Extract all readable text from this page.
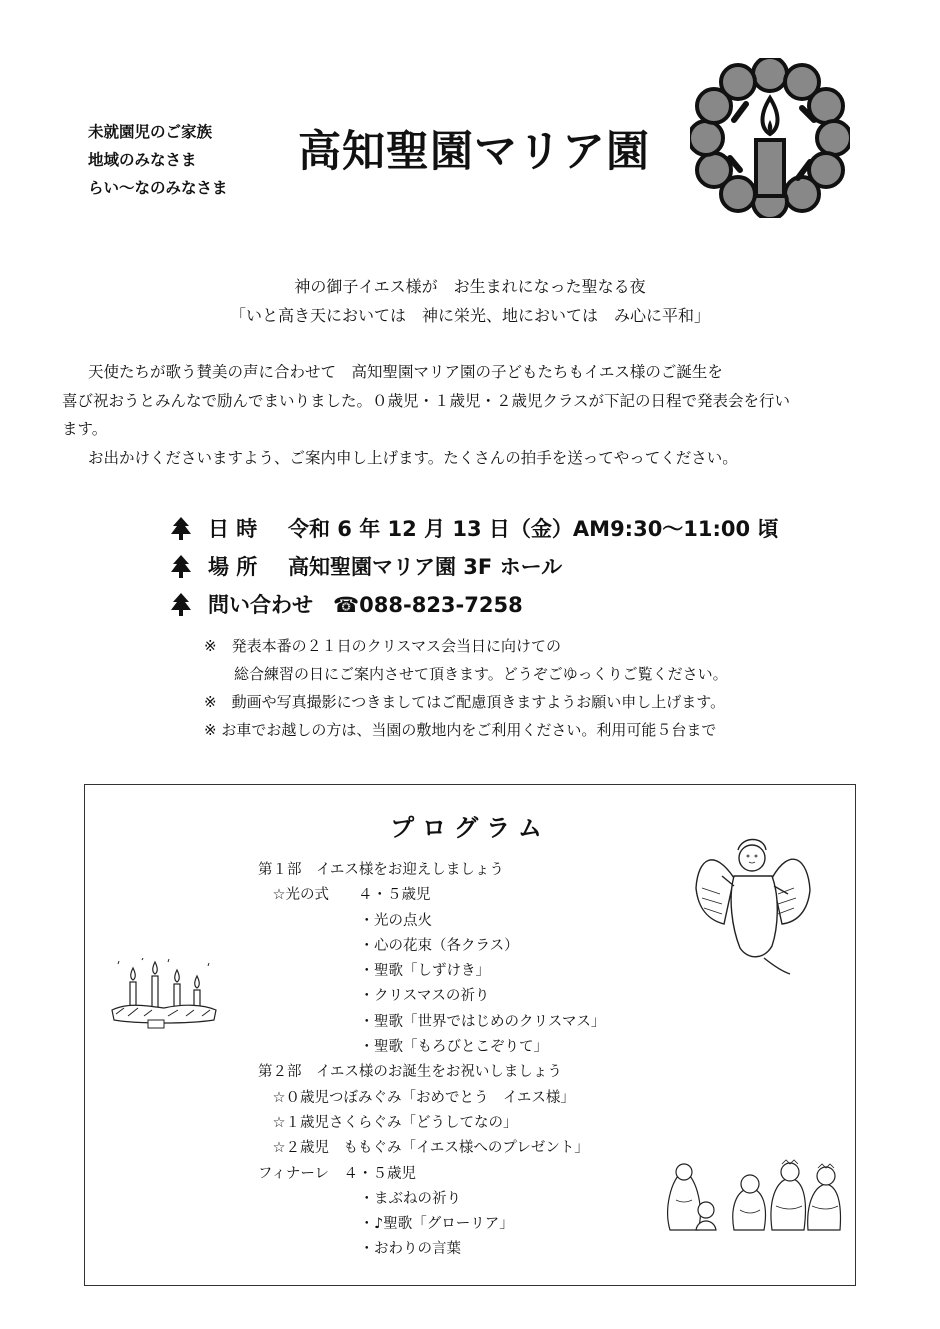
未就園児のご家族
地域のみなさま
らい～なのみなさま
高知聖園マリア園
神の御子イエス様が　お生まれになった聖なる夜
「いと高き天においては　神に栄光、地においては　み心に平和」
天使たちが歌う賛美の声に合わせて　高知聖園マリア園の子どもたちもイエス様のご誕生を
喜び祝おうとみんなで励んでまいりました。０歳児・１歳児・２歳児クラスが下記の日程で発表会を行い
ます。
お出かけくださいますよう、ご案内申し上げます。たくさんの拍手を送ってやってください。
日 時	令和 6 年 12 月 13 日（金）AM9:30～11:00 頃
場 所	高知聖園マリア園 3F ホール
問い合わせ ☎088-823-7258
※　発表本番の２１日のクリスマス会当日に向けての
　　総合練習の日にご案内させて頂きます。どうぞごゆっくりご覧ください。
※　動画や写真撮影につきましてはご配慮頂きますようお願い申し上げます。
※ お車でお越しの方は、当園の敷地内をご利用ください。利用可能５台まで
プログラム
第１部　イエス様をお迎えしましょう
　☆光の式　　４・５歳児
　　　　　　　・光の点火
　　　　　　　・心の花束（各クラス）
　　　　　　　・聖歌「しずけき」
　　　　　　　・クリスマスの祈り
　　　　　　　・聖歌「世界ではじめのクリスマス」
　　　　　　　・聖歌「もろびとこぞりて」
第２部　イエス様のお誕生をお祝いしましょう
　☆０歳児つぼみぐみ「おめでとう　イエス様」
　☆１歳児さくらぐみ「どうしてなの」
　☆２歳児　ももぐみ「イエス様へのプレゼント」
フィナーレ　４・５歳児
　　　　　　　・まぶねの祈り
　　　　　　　・♪聖歌「グローリア」
　　　　　　　・おわりの言葉
